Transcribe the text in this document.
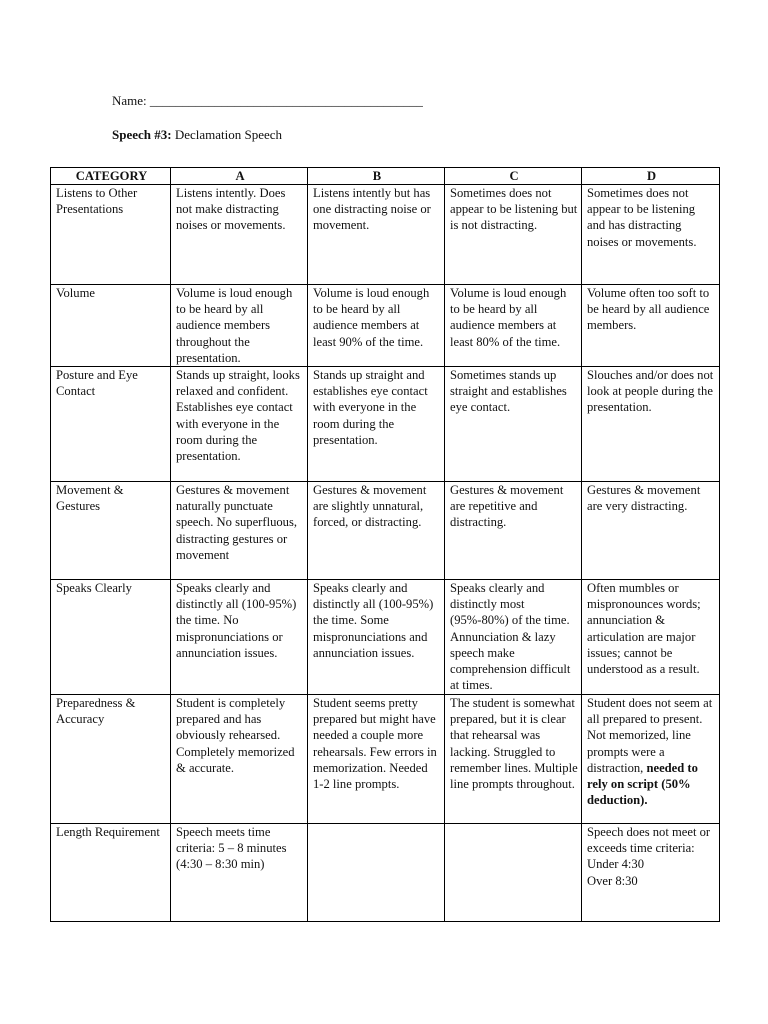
Name: __________________________________________
Speech #3: Declamation Speech
CATEGORY	A	B	C	D
Listens to Other Presentations	Listens intently. Does not make distracting noises or movements.	Listens intently but has one distracting noise or movement.	Sometimes does not appear to be listening but is not distracting.	Sometimes does not appear to be listening and has distracting noises or movements.
Volume	Volume is loud enough to be heard by all audience members throughout the presentation.	Volume is loud enough to be heard by all audience members at least 90% of the time.	Volume is loud enough to be heard by all audience members at least 80% of the time.	Volume often too soft to be heard by all audience members.
Posture and Eye Contact	Stands up straight, looks relaxed and confident. Establishes eye contact with everyone in the room during the presentation.	Stands up straight and establishes eye contact with everyone in the room during the presentation.	Sometimes stands up straight and establishes eye contact.	Slouches and/or does not look at people during the presentation.
Movement & Gestures	Gestures & movement naturally punctuate speech. No superfluous, distracting gestures or movement	Gestures & movement are slightly unnatural, forced, or distracting.	Gestures & movement are repetitive and distracting.	Gestures & movement are very distracting.
Speaks Clearly	Speaks clearly and distinctly all (100-95%) the time. No mispronunciations or annunciation issues.	Speaks clearly and distinctly all (100-95%) the time. Some mispronunciations and annunciation issues.	Speaks clearly and distinctly most (95%-80%) of the time. Annunciation & lazy speech make comprehension difficult at times.	Often mumbles or mispronounces words; annunciation & articulation are major issues; cannot be understood as a result.
Preparedness & Accuracy	Student is completely prepared and has obviously rehearsed. Completely memorized & accurate.	Student seems pretty prepared but might have needed a couple more rehearsals. Few errors in memorization. Needed 1-2 line prompts.	The student is somewhat prepared, but it is clear that rehearsal was lacking. Struggled to remember lines. Multiple line prompts throughout.	Student does not seem at all prepared to present. Not memorized, line prompts were a distraction, needed to rely on script (50% deduction).
Length Requirement	Speech meets time criteria: 5 – 8 minutes (4:30 – 8:30 min)			Speech does not meet or exceeds time criteria:
Under 4:30
Over 8:30
